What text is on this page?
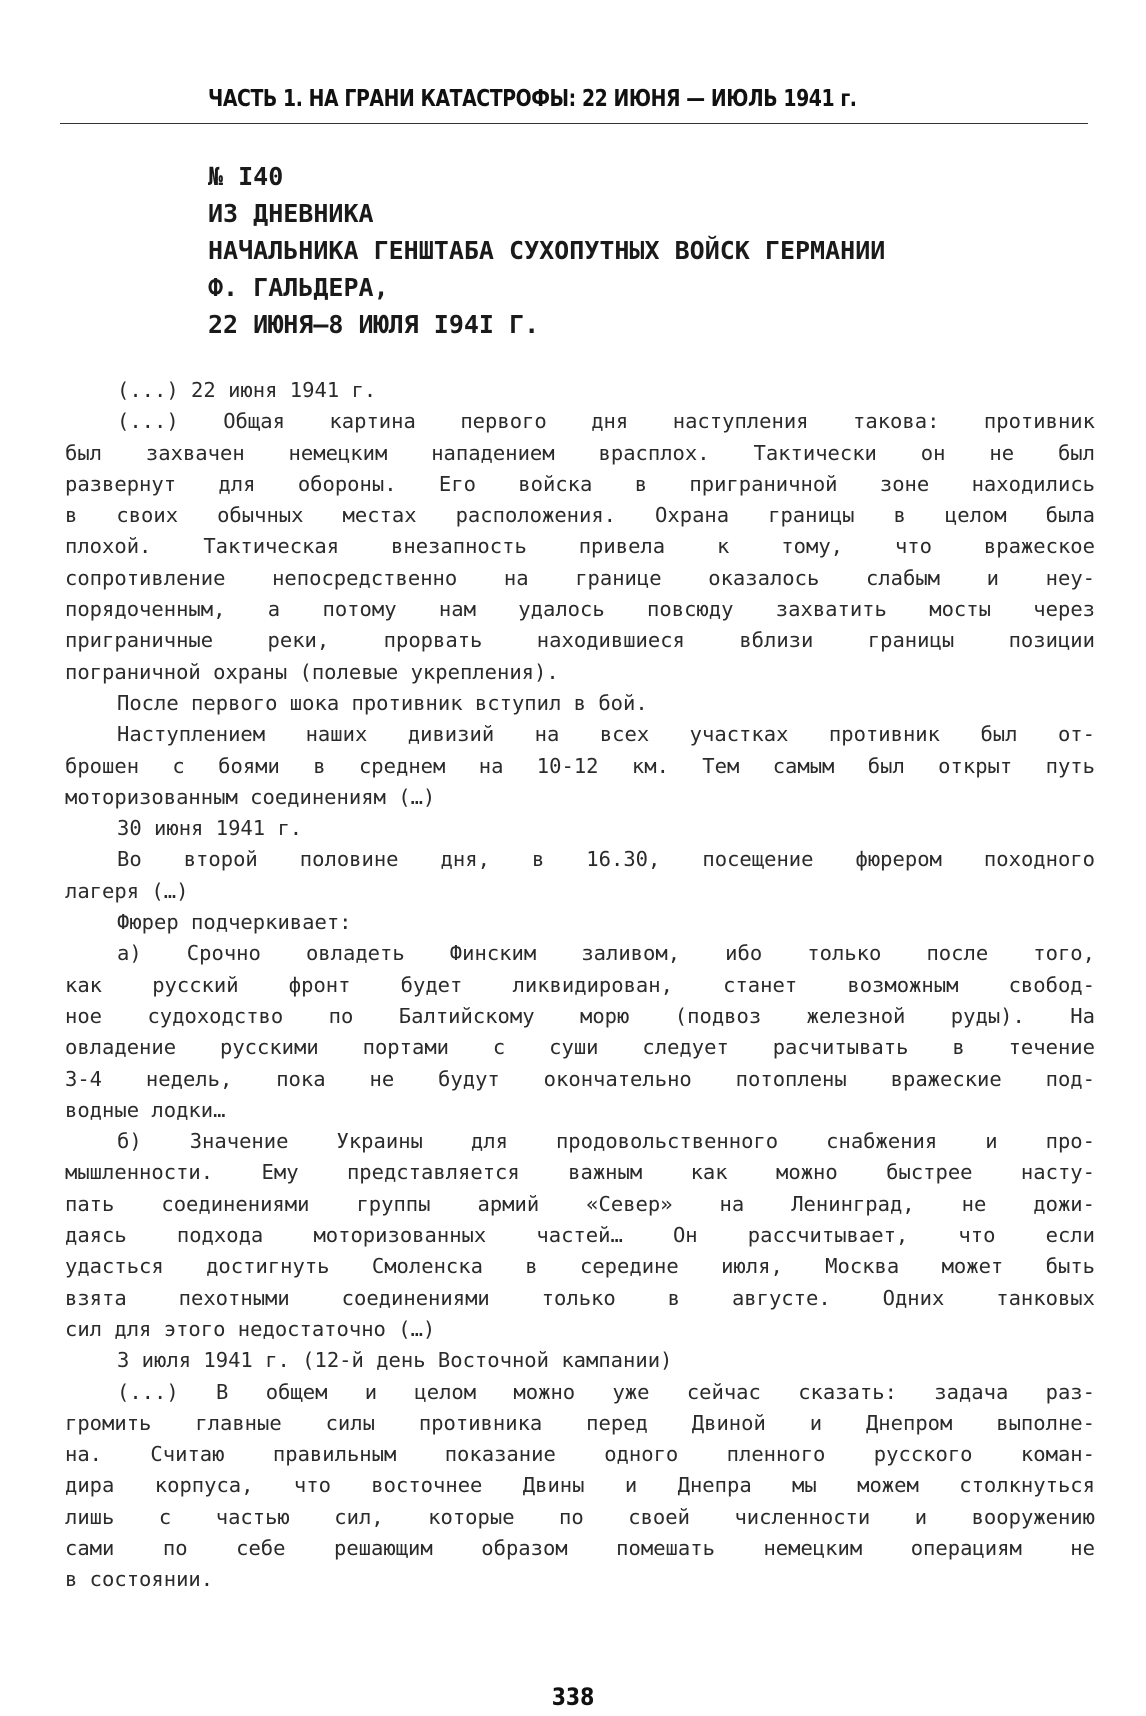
ЧАСТЬ 1. НА ГРАНИ КАТАСТРОФЫ: 22 ИЮНЯ — ИЮЛЬ 1941 г.
№ I40
ИЗ ДНЕВНИКА
НАЧАЛЬНИКА ГЕНШТАБА СУХОПУТНЫХ ВОЙСК ГЕРМАНИИ
Ф. ГАЛЬДЕРА,
22 ИЮНЯ—8 ИЮЛЯ I94I Г.

(...) 22 июня 1941 г.

(...) Общая картина первого дня наступления такова: противник

был захвачен немецким нападением врасплох. Тактически он не был

развернут для обороны. Его войска в приграничной зоне находились

в своих обычных местах расположения. Охрана границы в целом была

плохой. Тактическая внезапность привела к тому, что вражеское

сопротивление непосредственно на границе оказалось слабым и неу-

порядоченным, а потому нам удалось повсюду захватить мосты через

приграничные реки, прорвать находившиеся вблизи границы позиции

пограничной охраны (полевые укрепления).

После первого шока противник вступил в бой.

Наступлением наших дивизий на всех участках противник был от-

брошен с боями в среднем на 10-12 км. Тем самым был открыт путь

моторизованным соединениям (…)

30 июня 1941 г.

Во второй половине дня, в 16.30, посещение фюрером походного

лагеря (…)

Фюрер подчеркивает:

а) Срочно овладеть Финским заливом, ибо только после того,

как русский фронт будет ликвидирован, станет возможным свобод-

ное судоходство по Балтийскому морю (подвоз железной руды). На

овладение русскими портами с суши следует расчитывать в течение

3-4 недель, пока не будут окончательно потоплены вражеские под-

водные лодки…

б) Значение Украины для продовольственного снабжения и про-

мышленности. Ему представляется важным как можно быстрее насту-

пать соединениями группы армий «Север» на Ленинград, не дожи-

даясь подхода моторизованных частей… Он рассчитывает, что если

удасться достигнуть Смоленска в середине июля, Москва может быть

взята пехотными соединениями только в августе. Одних танковых

сил для этого недостаточно (…)

3 июля 1941 г. (12-й день Восточной кампании)

(...) В общем и целом можно уже сейчас сказать: задача раз-

громить главные силы противника перед Двиной и Днепром выполне-

на. Считаю правильным показание одного пленного русского коман-

дира корпуса, что восточнее Двины и Днепра мы можем столкнуться

лишь с частью сил, которые по своей численности и вооружению

сами по себе решающим образом помешать немецким операциям не

в состоянии.

338
